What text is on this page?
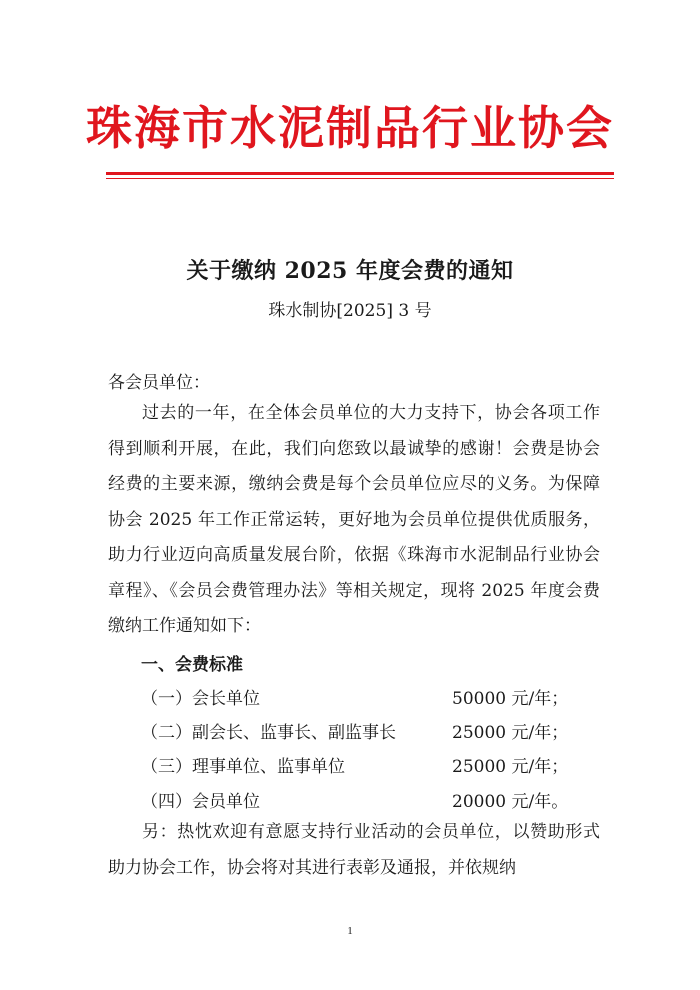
珠海市水泥制品行业协会
关于缴纳 2025 年度会费的通知
珠水制协[2025] 3 号
各会员单位：
过去的一年，在全体会员单位的大力支持下，协会各项工作得到顺利开展，在此，我们向您致以最诚挚的感谢！会费是协会经费的主要来源，缴纳会费是每个会员单位应尽的义务。为保障协会 2025 年工作正常运转，更好地为会员单位提供优质服务，助力行业迈向高质量发展台阶，依据《珠海市水泥制品行业协会章程》、《会员会费管理办法》等相关规定，现将 2025 年度会费缴纳工作通知如下：
一、会费标准
（一）会长单位	50000 元/年；
（二）副会长、监事长、副监事长	25000 元/年；
（三）理事单位、监事单位	25000 元/年；
（四）会员单位	20000 元/年。
另：热忱欢迎有意愿支持行业活动的会员单位，以赞助形式助力协会工作，协会将对其进行表彰及通报，并依规纳
1
